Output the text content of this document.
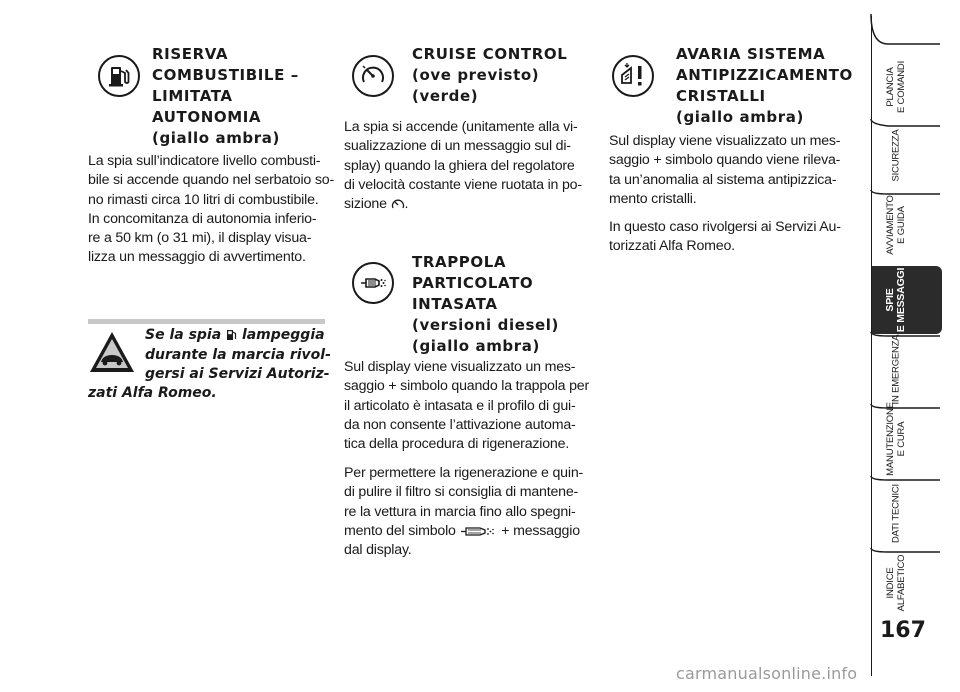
RISERVA
COMBUSTIBILE –
LIMITATA
AUTONOMIA
(giallo ambra)
La spia sull’indicatore livello combusti-
bile si accende quando nel serbatoio so-
no rimasti circa 10 litri di combustibile.
In concomitanza di autonomia inferio-
re a 50 km (o 31 mi), il display visua-
lizza un messaggio di avvertimento.
Se la spia lampeggia
durante la marcia rivol-
gersi ai Servizi Autoriz-
zati Alfa Romeo.
CRUISE CONTROL
(ove previsto)
(verde)
La spia si accende (unitamente alla vi-
sualizzazione di un messaggio sul di-
splay) quando la ghiera del regolatore
di velocità costante viene ruotata in po-
sizione .
TRAPPOLA
PARTICOLATO
INTASATA
(versioni diesel)
(giallo ambra)
Sul display viene visualizzato un mes-
saggio + simbolo quando la trappola per
il articolato è intasata e il profilo di gui-
da non consente l’attivazione automa-
tica della procedura di rigenerazione.
Per permettere la rigenerazione e quin-
di pulire il filtro si consiglia di mantene-
re la vettura in marcia fino allo spegni-
mento del simbolo	+ messaggio
dal display.
AVARIA SISTEMA
ANTIPIZZICAMENTO
CRISTALLI
(giallo ambra)
Sul display viene visualizzato un mes-
saggio + simbolo quando viene rileva-
ta un’anomalia al sistema antipizzica-
mento cristalli.
In questo caso rivolgersi ai Servizi Au-
torizzati Alfa Romeo.
PLANCIA E COMANDI
SICUREZZA
AVVIAMENTO E GUIDA
SPIE E MESSAGGI
IN EMERGENZA
MANUTENZIONE E CURA
DATI TECNICI
INDICE ALFABETICO
167
carmanualsonline.info
